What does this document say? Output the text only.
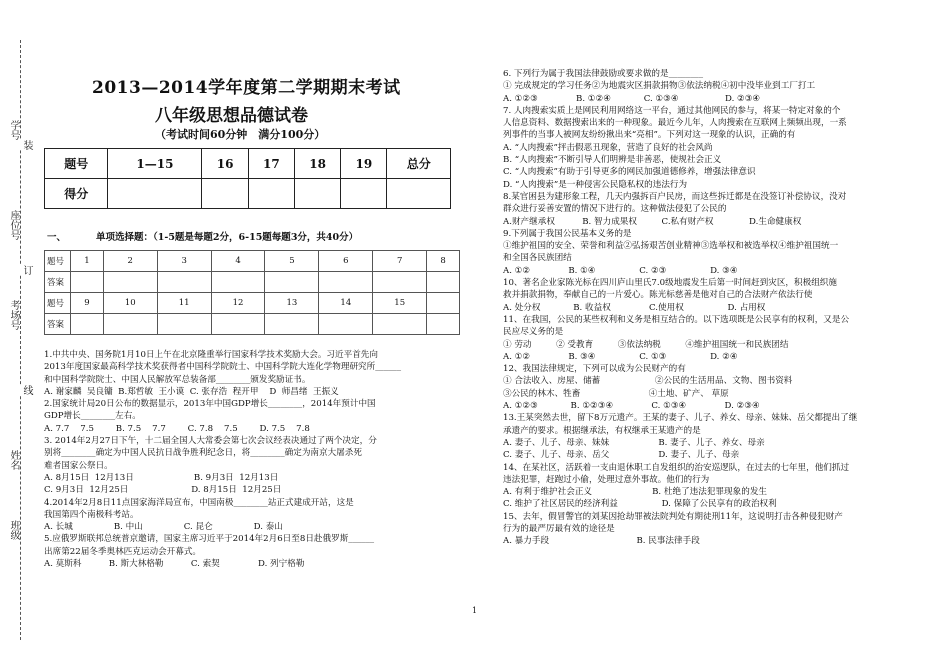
学号
座位号
考场号
姓名
班级
装
订
线
2013—2014学年度第二学期期末考试
八年级思想品德试卷
（考试时间60分钟　满分100分）
题号	1—15	16	17	18	19	总分
得分						
一、	单项选择题：（1-5题是每题2分，6-15题每题3分，共40分）
题号	1	2	3	4	5	6	7	8
答案								
题号	9	10	11	12	13	14	15	
答案								

1.中共中央、国务院1月10日上午在北京隆重举行国家科学技术奖励大会。习近平首先向

2013年度国家最高科学技术奖获得者中国科学院院士、中国科学院大连化学物理研究所______

和中国科学院院士、中国人民解放军总装备部________颁发奖励证书。

A. 谢家麟  吴良镛  B.郑哲敏  王小谟  C. 张存浩  程开甲    D  师昌绪  王振义

2.国家统计局20日公布的数据显示，2013年中国GDP增长________，2014年预计中国

GDP增长________左右。

A. 7.7    7.5        B. 7.5    7.7        C. 7.8    7.5        D. 7.5    7.8

3. 2014年2月27日下午，十二届全国人大常委会第七次会议经表决通过了两个决定，分

别将________确定为中国人民抗日战争胜利纪念日，将________确定为南京大屠杀死

难者国家公祭日。

A. 8月15日  12月13日                      B. 9月3日  12月13日

C. 9月3日  12月25日                       D. 8月15日  12月25日

4.2014年2月8日11点国家海洋局宣布，中国南极________站正式建成开站，这是

我国第四个南极科考站。

A. 长城               B. 中山               C. 昆仑               D. 泰山

5.应俄罗斯联邦总统普京邀请，国家主席习近平于2014年2月6日至8日赴俄罗斯______

出席第22届冬季奥林匹克运动会开幕式。

A. 莫斯科          B. 斯大林格勒          C. 索契              D. 列宁格勒

6. 下列行为属于我国法律鼓励或要求做的是________

① 完成规定的学习任务②为地震灾区捐款捐物③依法纳税④初中没毕业到工厂打工

A. ①②③              B. ①②④            C. ①③④                 D. ②③④

7. 人肉搜索实质上是网民利用网络这一平台，通过其他网民的参与，将某一特定对象的个

人信息资料、数据搜索出来的一种现象。最近今儿年，人肉搜索在互联网上频频出现，一系

列事件的当事人被网友纷纷揪出来“亮相”。下列对这一现象的认识，正确的有

A. “人肉搜索”抨击假恶丑现象，营造了良好的社会风尚

B. “人肉搜索”不断引导人们明辨是非善恶，使规社会正义

C. “人肉搜索”有助于引导更多的网民加强道德修养，增强法律意识

D. “人肉搜索”是一种侵害公民隐私权的违法行为

8.某官困县为建形象工程，几天内强拆百户民房，而这些拆迁都是在没签订补偿协议，没对

群众进行妥善安置的情况下进行的。这种做法侵犯了公民的

A.财产继承权          B. 智力成果权         C.私有财产权             D.生命健康权

9.下列属于我国公民基本义务的是

①维护祖国的安全、荣誉和利益②弘扬艰苦创业精神③选举权和被选举权④维护祖国统一

和全国各民族团结

A. ①②              B. ①④                C. ②③                D. ③④

10、著名企业家陈光标在四川庐山里氏7.0级地震发生后第一时间赶到灾区，积极组织施

救并捐款捐物，奉献自己的一片爱心。陈光标慈善是他对自己的合法财产依法行使

A. 处分权            B. 收益权              C.使用权                D. 占用权

11、在我国，公民的某些权利和义务是相互结合的。以下选项既是公民享有的权利，又是公

民应尽义务的是

① 劳动         ② 受教育         ③依法纳税         ④维护祖国统一和民族团结

A. ①②              B. ③④                C. ①③                D. ②④

12、我国法律规定，下列可以成为公民财产的有

① 合法收入、房屋、储蓄                    ②公民的生活用品、文物、图书资料

③公民的林木、牲畜                         ④土地、矿产、 草原

A. ①②③            B. ①②③④              C. ①③④              D. ②③④

13.王某突然去世，留下8万元遗产。王某的妻子、儿子、养女、母亲、妹妹、岳父都提出了继

承遗产的要求。根据继承法，有权继承王某遗产的是

A. 妻子、儿子、母亲、妹妹                  B. 妻子、儿子、养女、母亲

C. 妻子、儿子、母亲、岳父                  D. 妻子、儿子、母亲

14、在某社区，活跃着一支由退休职工自发组织的治安巡逻队，在过去的七年里，他们抓过

违法犯罪，赶跑过小偷，处理过意外事故。他们的行为

A. 有利于维护社会正义                      B. 杜绝了违法犯罪现象的发生

C. 维护了社区居民的经济利益                D. 保障了公民享有的政治权利

15、去年，假冒警官的刘某因抢劫罪被法院判处有期徒刑11年，这说明打击各种侵犯财产

行为的最严厉最有效的途径是

A. 暴力手段                                B. 民事法律手段

1
